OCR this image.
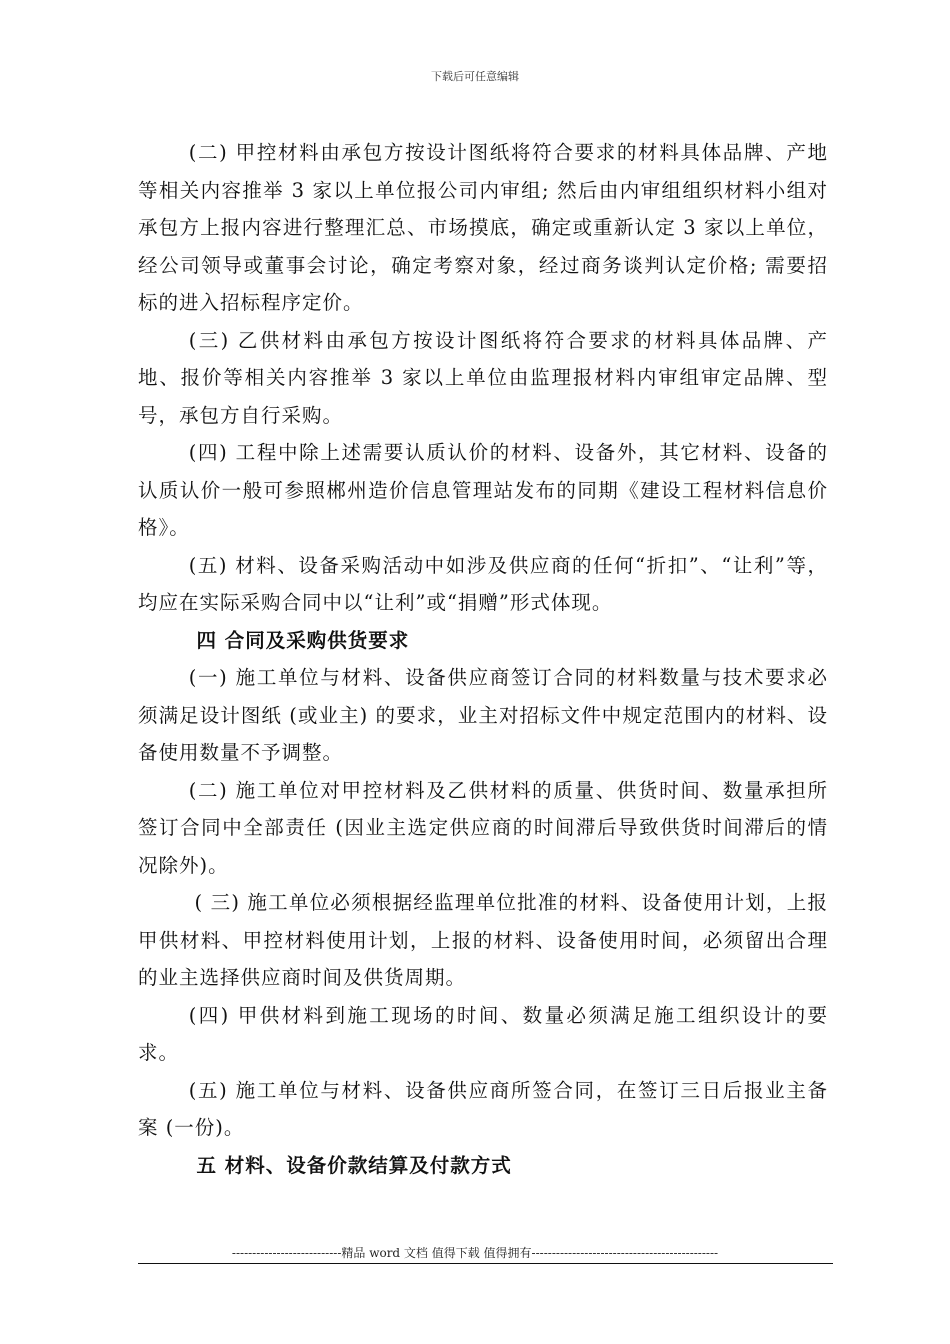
下载后可任意编辑

(二) 甲控材料由承包方按设计图纸将符合要求的材料具体品牌、产地等相关内容推举 3 家以上单位报公司内审组; 然后由内审组组织材料小组对承包方上报内容进行整理汇总、市场摸底，确定或重新认定 3 家以上单位，经公司领导或董事会讨论，确定考察对象，经过商务谈判认定价格; 需要招标的进入招标程序定价。

(三) 乙供材料由承包方按设计图纸将符合要求的材料具体品牌、产地、报价等相关内容推举 3 家以上单位由监理报材料内审组审定品牌、型号，承包方自行采购。

(四) 工程中除上述需要认质认价的材料、设备外，其它材料、设备的认质认价一般可参照郴州造价信息管理站发布的同期《建设工程材料信息价格》。

(五) 材料、设备采购活动中如涉及供应商的任何“折扣”、“让利”等，均应在实际采购合同中以“让利”或“捐赠”形式体现。

四 合同及采购供货要求

(一) 施工单位与材料、设备供应商签订合同的材料数量与技术要求必须满足设计图纸 (或业主) 的要求，业主对招标文件中规定范围内的材料、设备使用数量不予调整。

(二) 施工单位对甲控材料及乙供材料的质量、供货时间、数量承担所签订合同中全部责任 (因业主选定供应商的时间滞后导致供货时间滞后的情况除外)。

( 三) 施工单位必须根据经监理单位批准的材料、设备使用计划，上报甲供材料、甲控材料使用计划，上报的材料、设备使用时间，必须留出合理的业主选择供应商时间及供货周期。

(四) 甲供材料到施工现场的时间、数量必须满足施工组织设计的要求。

(五) 施工单位与材料、设备供应商所签合同，在签订三日后报业主备案 (一份)。

五 材料、设备价款结算及付款方式

---------------------------精品 word 文档 值得下载 值得拥有----------------------------------------------
